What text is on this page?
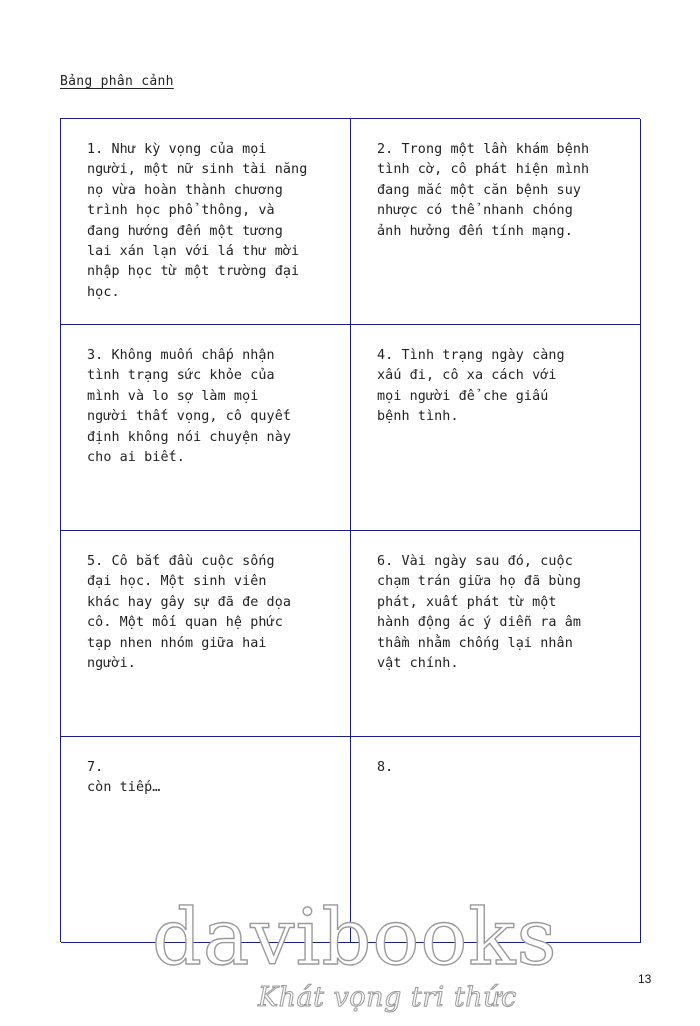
Bảng phân cảnh
1. Như kỳ vọng của mọi
người, một nữ sinh tài năng
nọ vừa hoàn thành chương
trình học phổ thông, và
đang hướng đến một tương
lai xán lạn với lá thư mời
nhập học từ một trường đại
học.
2. Trong một lần khám bệnh
tình cờ, cô phát hiện mình
đang mắc một căn bệnh suy
nhược có thể nhanh chóng
ảnh hưởng đến tính mạng.
3. Không muốn chấp nhận
tình trạng sức khỏe của
mình và lo sợ làm mọi
người thất vọng, cô quyết
định không nói chuyện này
cho ai biết.
4. Tình trạng ngày càng
xấu đi, cô xa cách với
mọi người để che giấu
bệnh tình.
5. Cô bắt đầu cuộc sống
đại học. Một sinh viên
khác hay gây sự đã đe dọa
cô. Một mối quan hệ phức
tạp nhen nhóm giữa hai
người.
6. Vài ngày sau đó, cuộc
chạm trán giữa họ đã bùng
phát, xuất phát từ một
hành động ác ý diễn ra âm
thầm nhằm chống lại nhân
vật chính.
7.
còn tiếp…
8.
13
davibooks
Khát vọng tri thức
